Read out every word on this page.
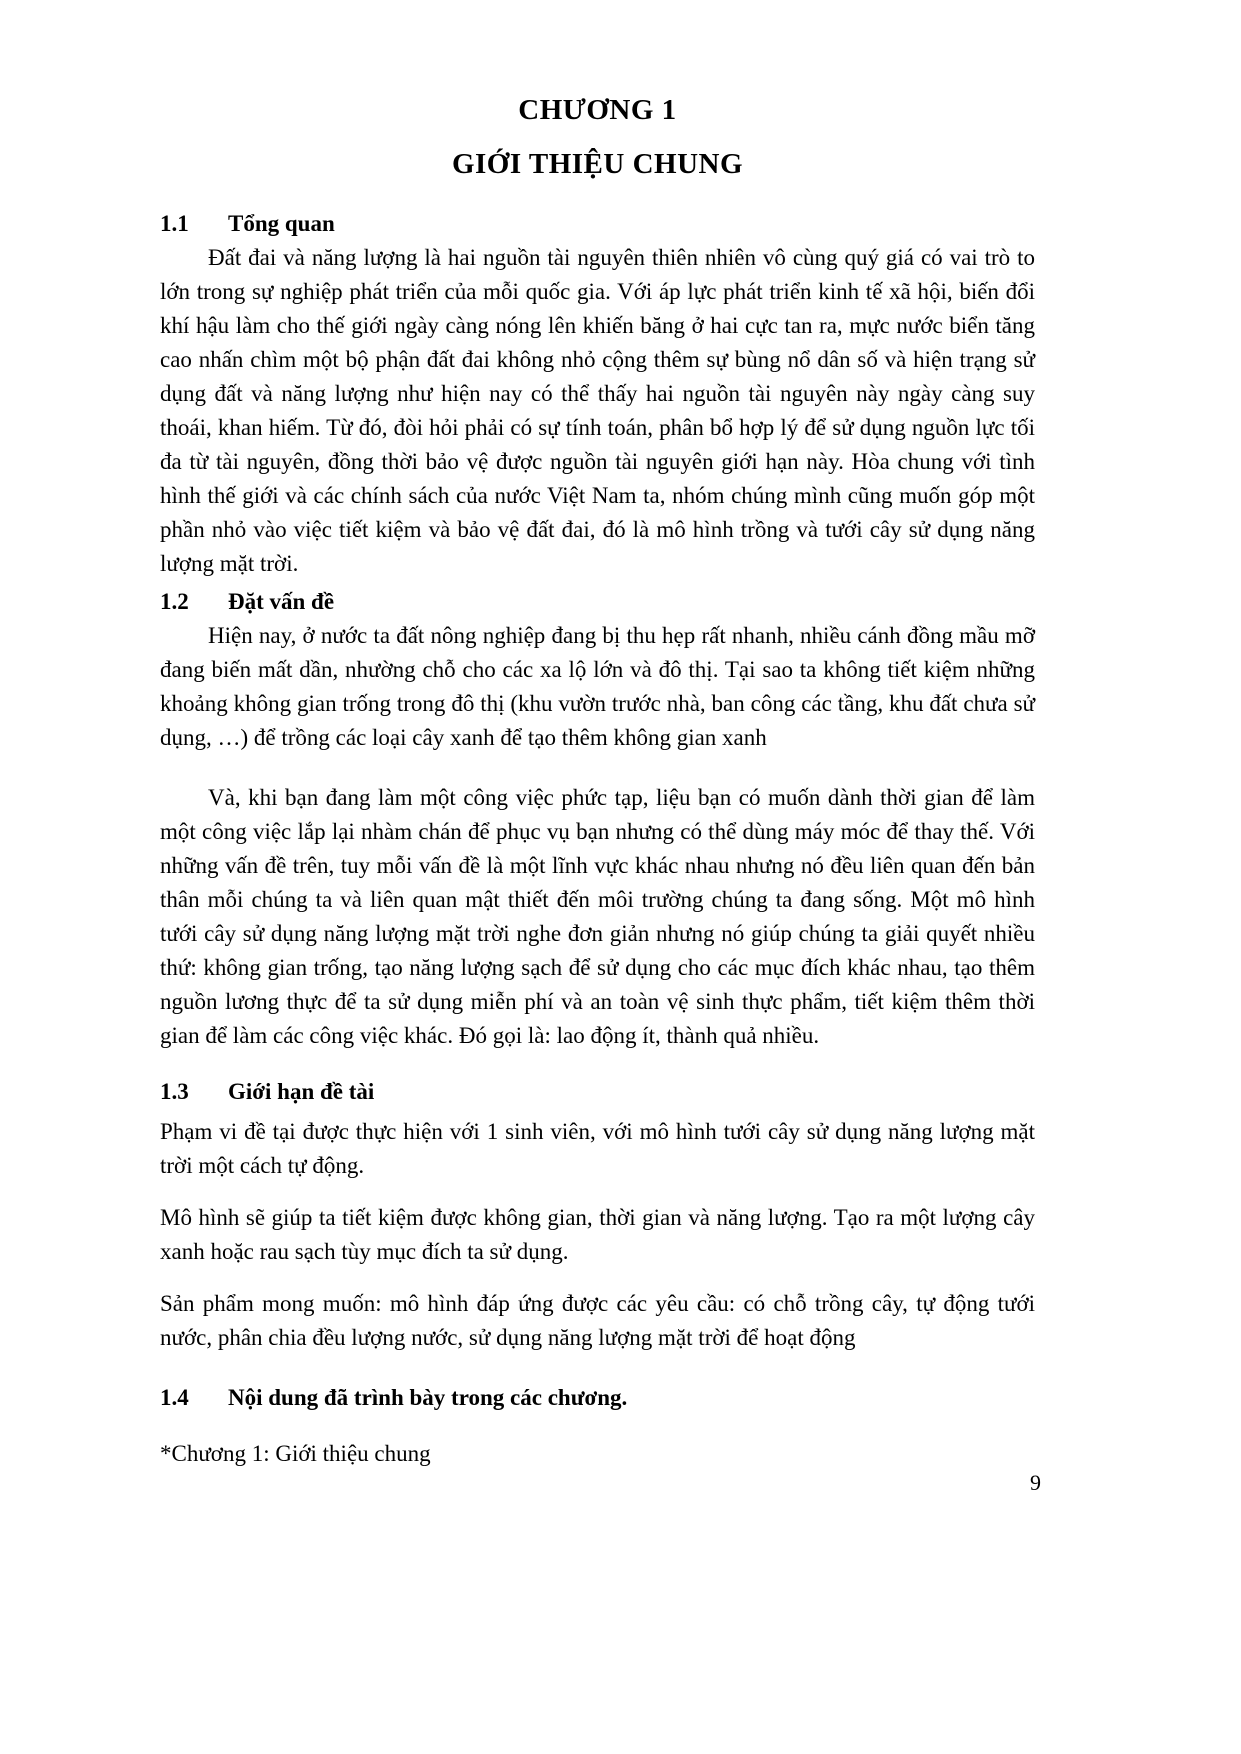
CHƯƠNG 1
GIỚI THIỆU CHUNG
1.1 Tổng quan

Đất đai và năng lượng là hai nguồn tài nguyên thiên nhiên vô cùng quý giá có vai trò to lớn trong sự nghiệp phát triển của mỗi quốc gia. Với áp lực phát triển kinh tế xã hội, biến đổi khí hậu làm cho thế giới ngày càng nóng lên khiến băng ở hai cực tan ra, mực nước biển tăng cao nhấn chìm một bộ phận đất đai không nhỏ cộng thêm sự bùng nổ dân số và hiện trạng sử dụng đất và năng lượng như hiện nay có thể thấy hai nguồn tài nguyên này ngày càng suy thoái, khan hiếm. Từ đó, đòi hỏi phải có sự tính toán, phân bổ hợp lý để sử dụng nguồn lực tối đa từ tài nguyên, đồng thời bảo vệ được nguồn tài nguyên giới hạn này. Hòa chung với tình hình thế giới và các chính sách của nước Việt Nam ta, nhóm chúng mình cũng muốn góp một phần nhỏ vào việc tiết kiệm và bảo vệ đất đai, đó là mô hình trồng và tưới cây sử dụng năng lượng mặt trời.

1.2 Đặt vấn đề

Hiện nay, ở nước ta đất nông nghiệp đang bị thu hẹp rất nhanh, nhiều cánh đồng mầu mỡ đang biến mất dần, nhường chỗ cho các xa lộ lớn và đô thị. Tại sao ta không tiết kiệm những khoảng không gian trống trong đô thị (khu vườn trước nhà, ban công các tầng, khu đất chưa sử dụng, …) để trồng các loại cây xanh để tạo thêm không gian xanh

Và, khi bạn đang làm một công việc phức tạp, liệu bạn có muốn dành thời gian để làm một công việc lắp lại nhàm chán để phục vụ bạn nhưng có thể dùng máy móc để thay thế. Với những vấn đề trên, tuy mỗi vấn đề là một lĩnh vực khác nhau nhưng nó đều liên quan đến bản thân mỗi chúng ta và liên quan mật thiết đến môi trường chúng ta đang sống. Một mô hình tưới cây sử dụng năng lượng mặt trời nghe đơn giản nhưng nó giúp chúng ta giải quyết nhiều thứ: không gian trống, tạo năng lượng sạch để sử dụng cho các mục đích khác nhau, tạo thêm nguồn lương thực để ta sử dụng miễn phí và an toàn vệ sinh thực phẩm, tiết kiệm thêm thời gian để làm các công việc khác. Đó gọi là: lao động ít, thành quả nhiều.

1.3 Giới hạn đề tài

Phạm vi đề tại được thực hiện với 1 sinh viên, với mô hình tưới cây sử dụng năng lượng mặt trời một cách tự động.

Mô hình sẽ giúp ta tiết kiệm được không gian, thời gian và năng lượng. Tạo ra một lượng cây xanh hoặc rau sạch tùy mục đích ta sử dụng.

Sản phẩm mong muốn: mô hình đáp ứng được các yêu cầu: có chỗ trồng cây, tự động tưới nước, phân chia đều lượng nước, sử dụng năng lượng mặt trời để hoạt động

1.4 Nội dung đã trình bày trong các chương.

*Chương 1: Giới thiệu chung

9
